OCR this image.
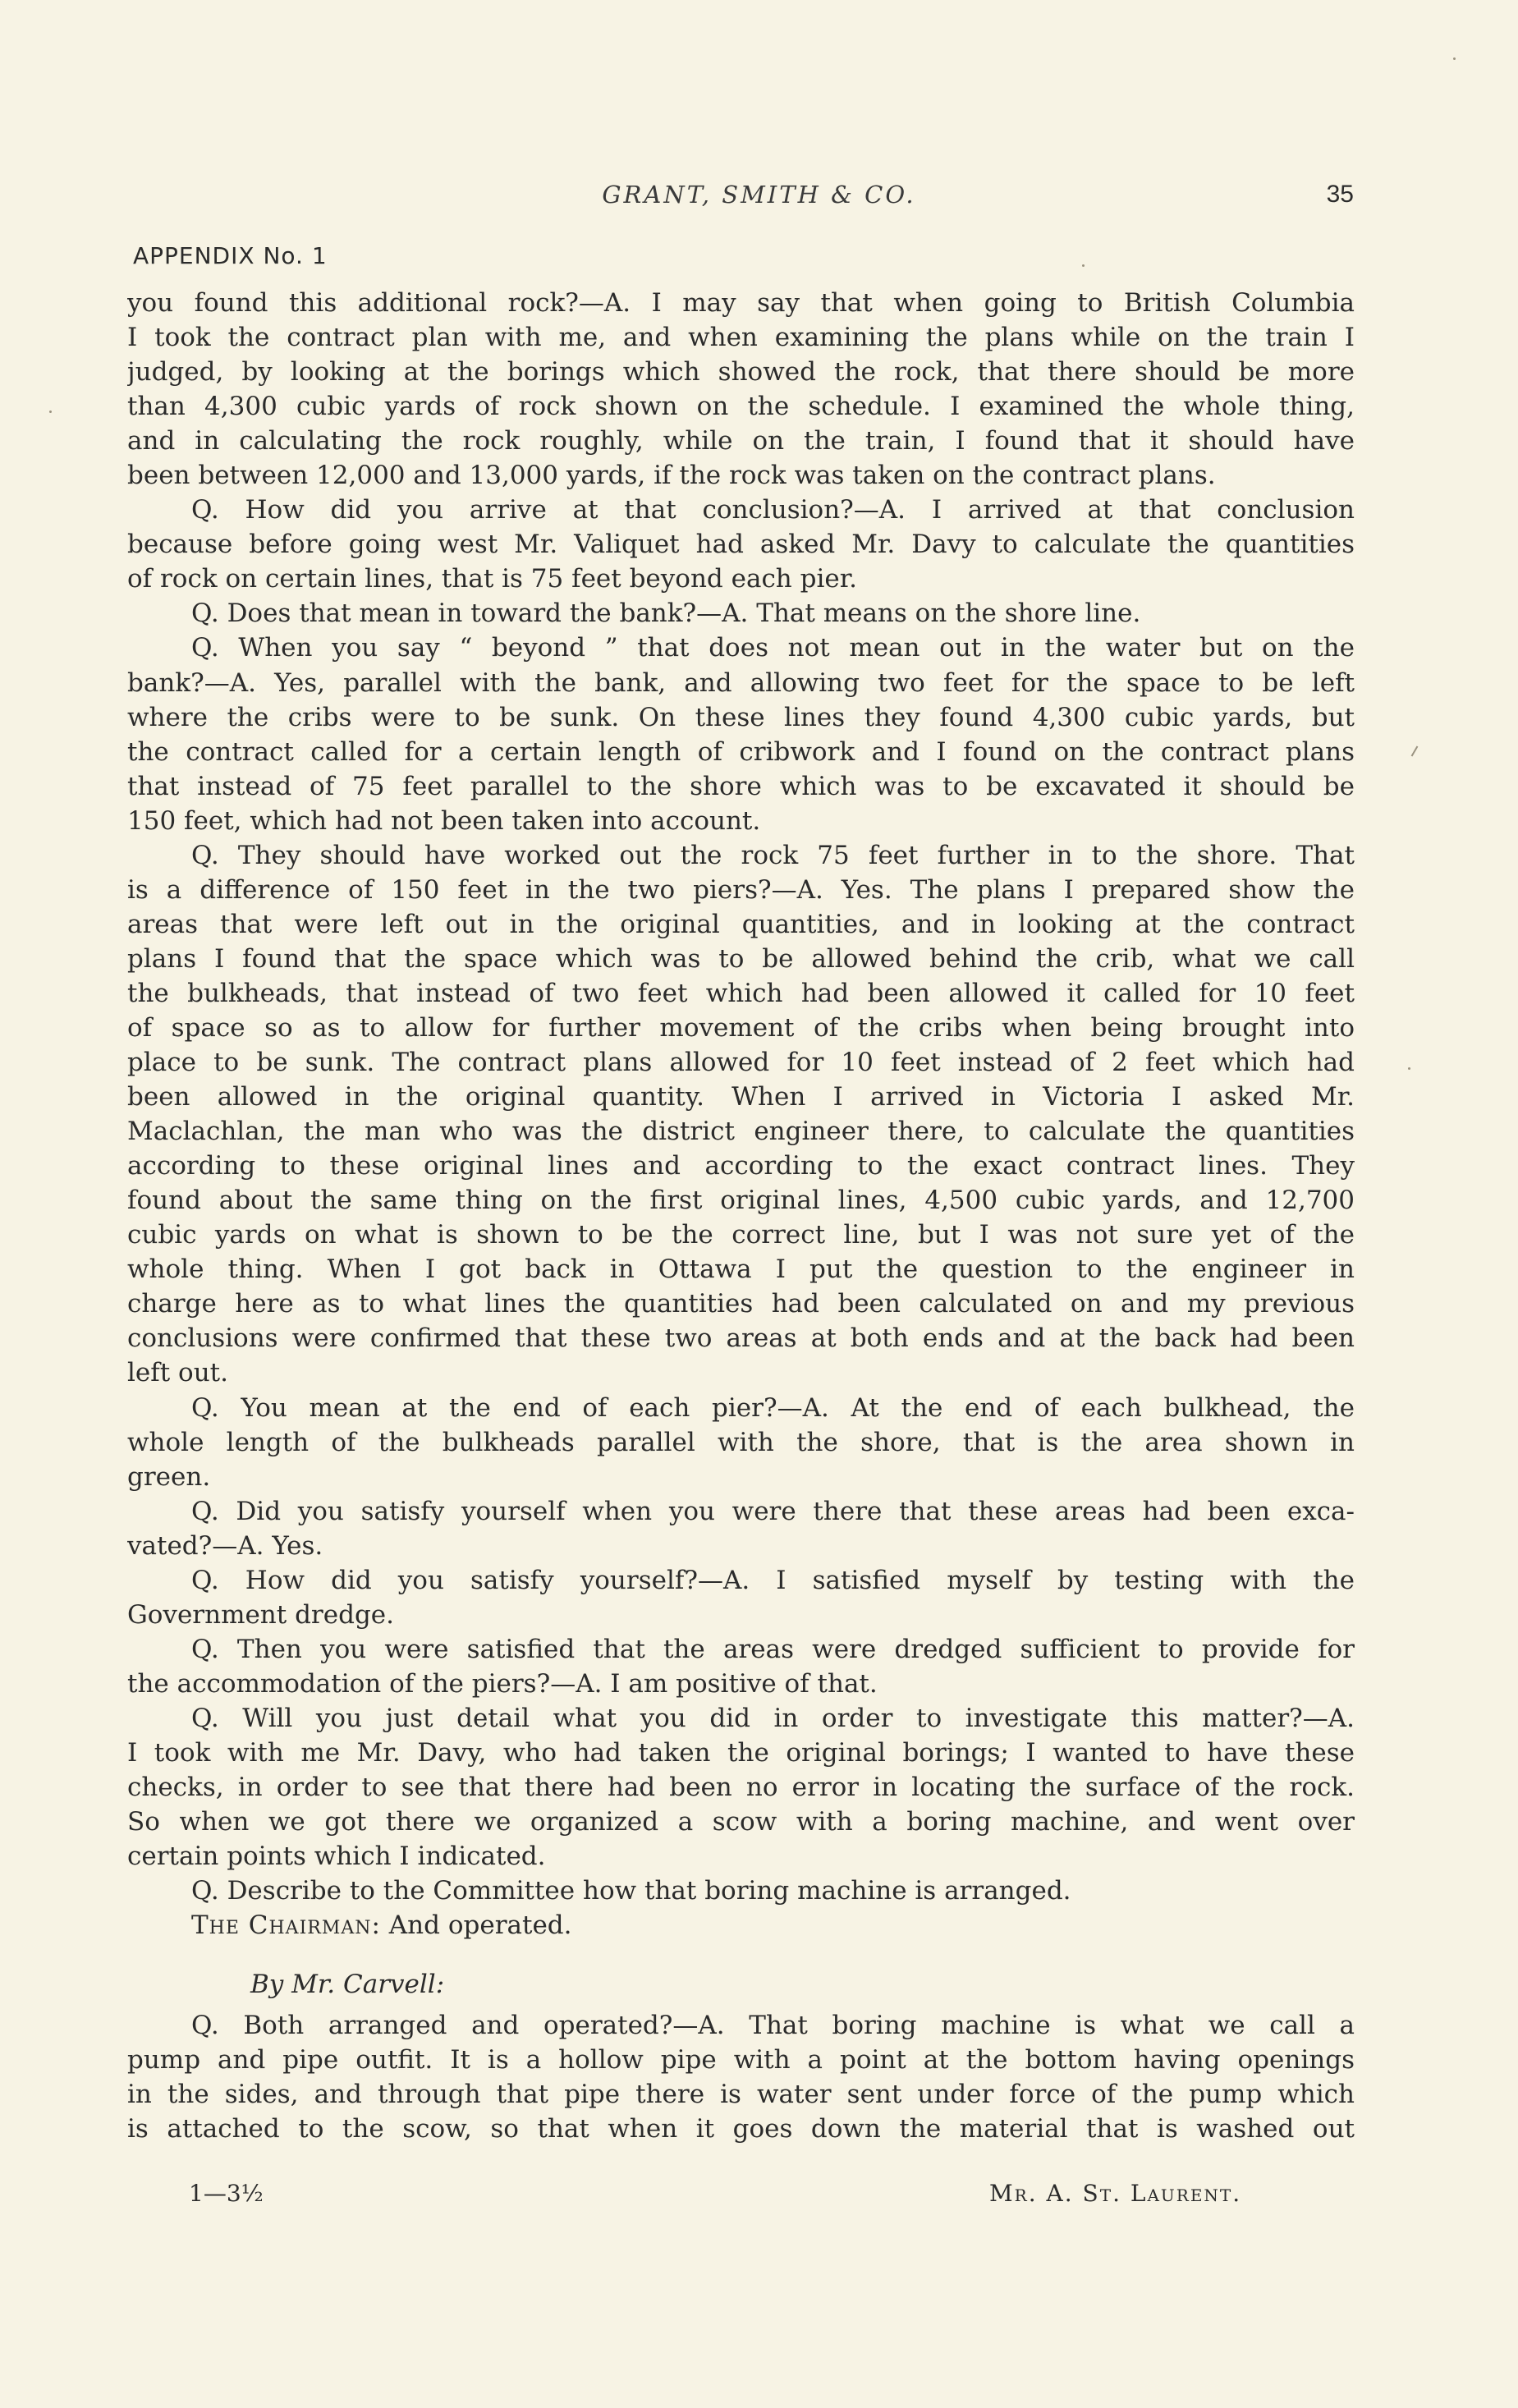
GRANT, SMITH & CO.	35
APPENDIX No. 1
you found this additional rock?—A. I may say that when going to British Columbia
I took the contract plan with me, and when examining the plans while on the train I
judged, by looking at the borings which showed the rock, that there should be more
than 4,300 cubic yards of rock shown on the schedule. I examined the whole thing,
and in calculating the rock roughly, while on the train, I found that it should have
been between 12,000 and 13,000 yards, if the rock was taken on the contract plans.
Q. How did you arrive at that conclusion?—A. I arrived at that conclusion
because before going west Mr. Valiquet had asked Mr. Davy to calculate the quantities
of rock on certain lines, that is 75 feet beyond each pier.
Q. Does that mean in toward the bank?—A. That means on the shore line.
Q. When you say “ beyond ” that does not mean out in the water but on the
bank?—A. Yes, parallel with the bank, and allowing two feet for the space to be left
where the cribs were to be sunk. On these lines they found 4,300 cubic yards, but
the contract called for a certain length of cribwork and I found on the contract plans
that instead of 75 feet parallel to the shore which was to be excavated it should be
150 feet, which had not been taken into account.
Q. They should have worked out the rock 75 feet further in to the shore. That
is a difference of 150 feet in the two piers?—A. Yes. The plans I prepared show the
areas that were left out in the original quantities, and in looking at the contract
plans I found that the space which was to be allowed behind the crib, what we call
the bulkheads, that instead of two feet which had been allowed it called for 10 feet
of space so as to allow for further movement of the cribs when being brought into
place to be sunk. The contract plans allowed for 10 feet instead of 2 feet which had
been allowed in the original quantity. When I arrived in Victoria I asked Mr.
Maclachlan, the man who was the district engineer there, to calculate the quantities
according to these original lines and according to the exact contract lines. They
found about the same thing on the first original lines, 4,500 cubic yards, and 12,700
cubic yards on what is shown to be the correct line, but I was not sure yet of the
whole thing. When I got back in Ottawa I put the question to the engineer in
charge here as to what lines the quantities had been calculated on and my previous
conclusions were confirmed that these two areas at both ends and at the back had been
left out.
Q. You mean at the end of each pier?—A. At the end of each bulkhead, the
whole length of the bulkheads parallel with the shore, that is the area shown in
green.
Q. Did you satisfy yourself when you were there that these areas had been exca-
vated?—A. Yes.
Q. How did you satisfy yourself?—A. I satisfied myself by testing with the
Government dredge.
Q. Then you were satisfied that the areas were dredged sufficient to provide for
the accommodation of the piers?—A. I am positive of that.
Q. Will you just detail what you did in order to investigate this matter?—A.
I took with me Mr. Davy, who had taken the original borings; I wanted to have these
checks, in order to see that there had been no error in locating the surface of the rock.
So when we got there we organized a scow with a boring machine, and went over
certain points which I indicated.
Q. Describe to the Committee how that boring machine is arranged.
The Chairman: And operated.
By Mr. Carvell:
Q. Both arranged and operated?—A. That boring machine is what we call a
pump and pipe outfit. It is a hollow pipe with a point at the bottom having openings
in the sides, and through that pipe there is water sent under force of the pump which
is attached to the scow, so that when it goes down the material that is washed out
1—3½	Mr. A. St. Laurent.
